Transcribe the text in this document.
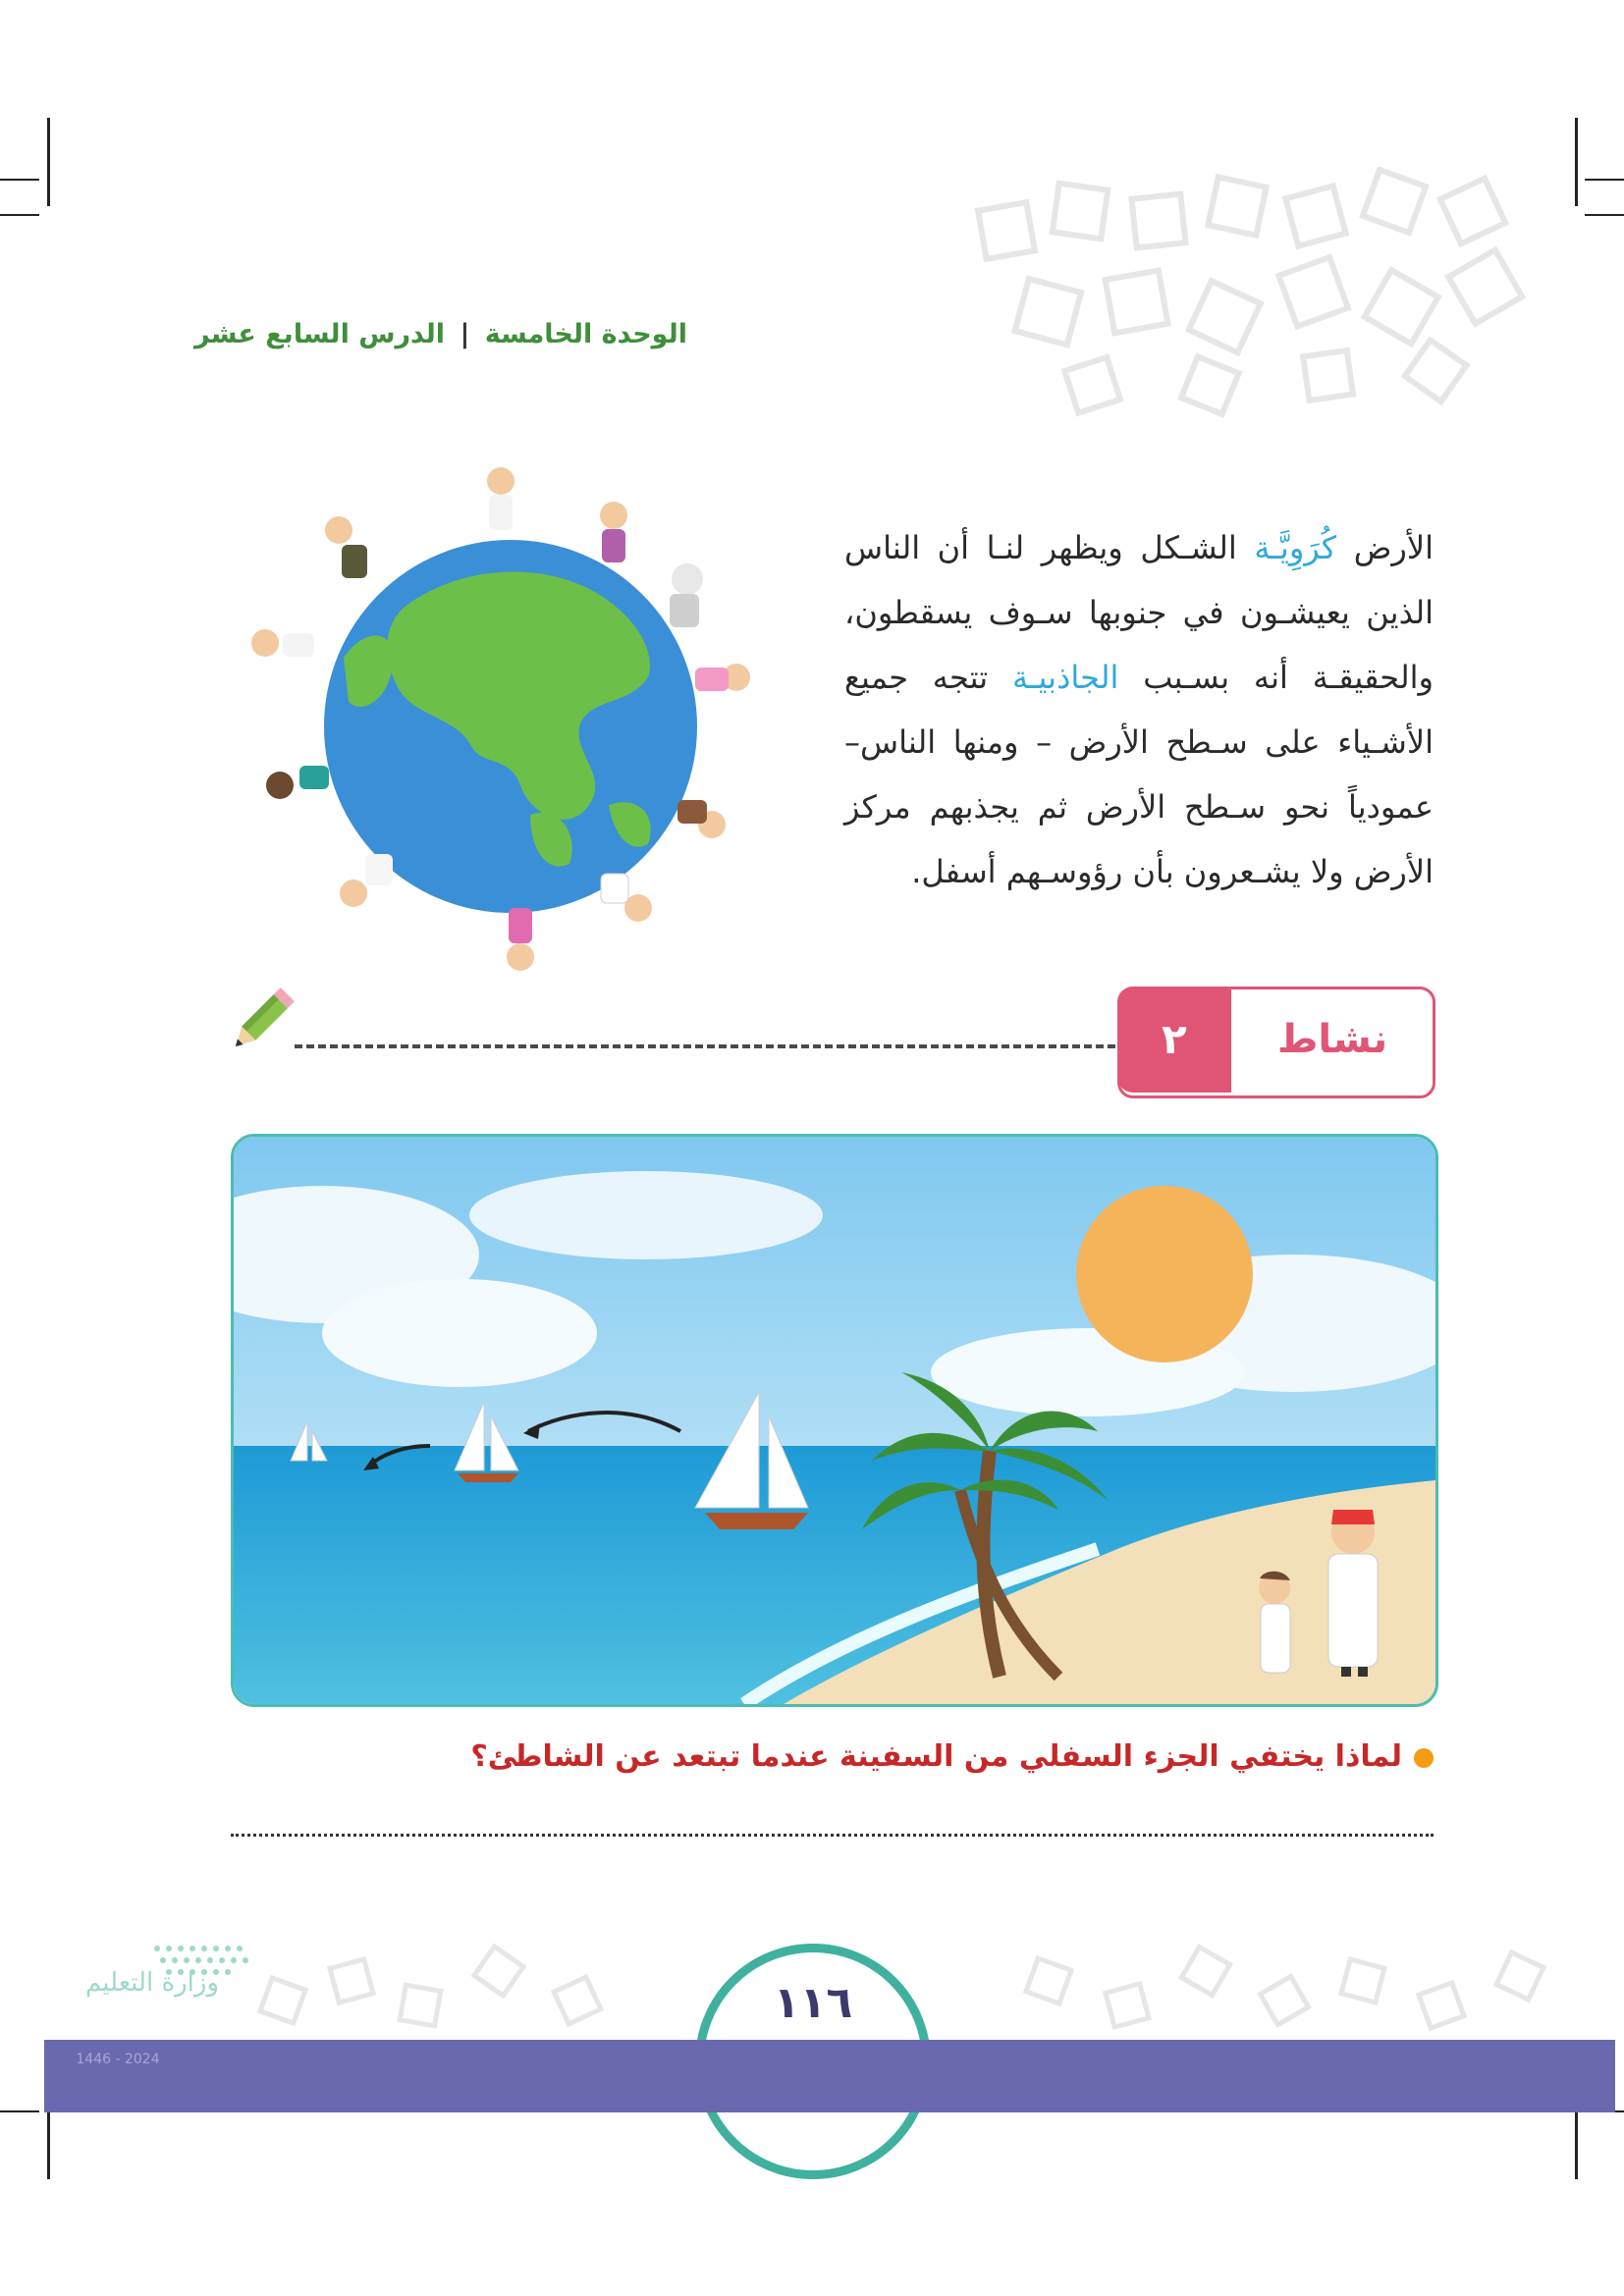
الوحدة الخامسة | الدرس السابع عشر
الأرض كُرَوِيَّـة الشـكل ويظهر لنـا أن الناس الذين يعيشـون في جنوبها سـوف يسقطون، والحقيقـة أنه بسـبب الجاذبيـة تتجه جميع الأشـياء على سـطح الأرض – ومنها الناس– عمودياً نحو سـطح الأرض ثم يجذبهم مركز الأرض ولا يشـعرون بأن رؤوسـهم أسفل.
٢	نشاط
لماذا يختفي الجزء السفلي من السفينة عندما تبتعد عن الشاطئ؟
١١٦
وزارة التعليم
2024 - 1446
